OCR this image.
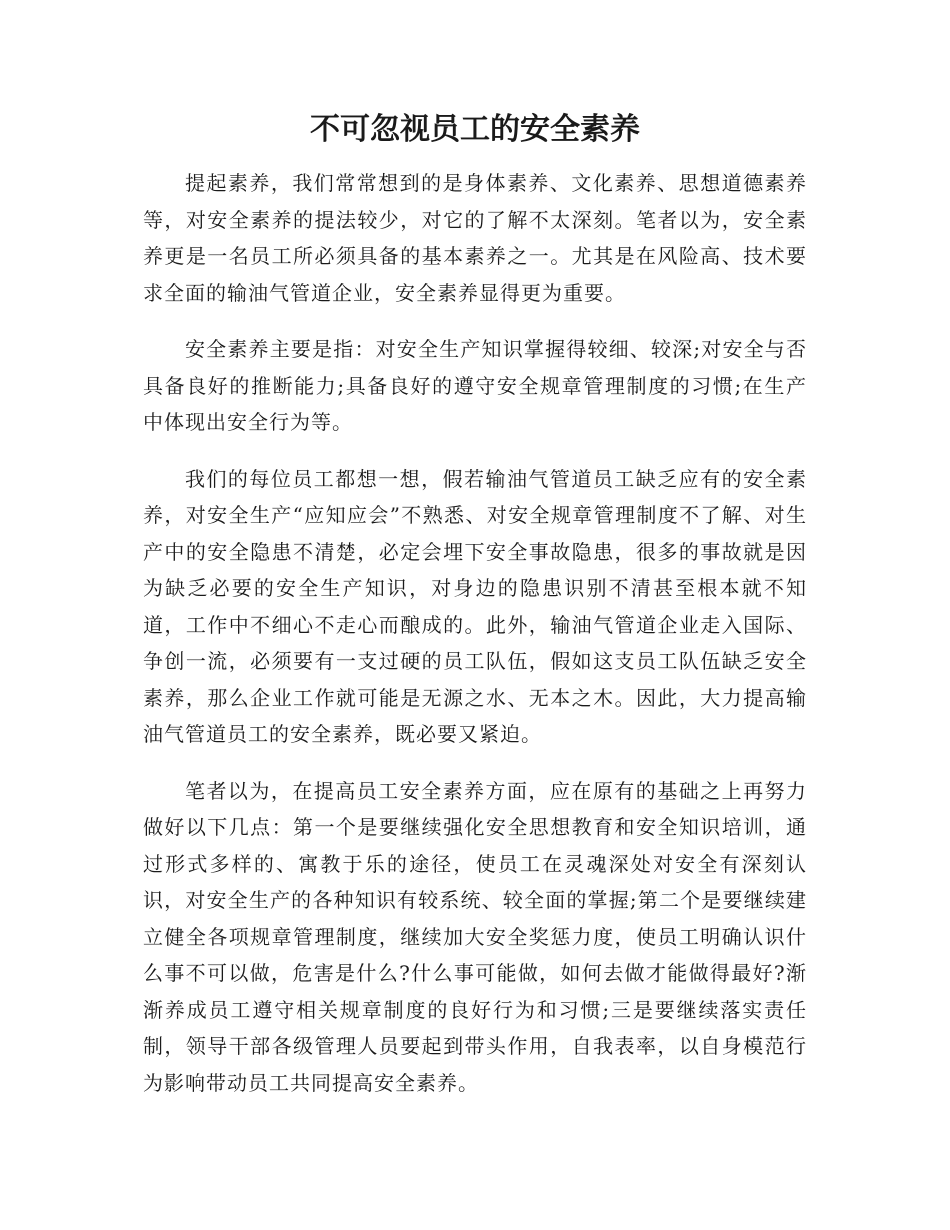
不可忽视员工的安全素养

提起素养，我们常常想到的是身体素养、文化素养、思想道德素养等，对安全素养的提法较少，对它的了解不太深刻。笔者以为，安全素养更是一名员工所必须具备的基本素养之一。尤其是在风险高、技术要求全面的输油气管道企业，安全素养显得更为重要。

安全素养主要是指：对安全生产知识掌握得较细、较深;对安全与否具备良好的推断能力;具备良好的遵守安全规章管理制度的习惯;在生产中体现出安全行为等。

我们的每位员工都想一想，假若输油气管道员工缺乏应有的安全素养，对安全生产“应知应会”不熟悉、对安全规章管理制度不了解、对生产中的安全隐患不清楚，必定会埋下安全事故隐患，很多的事故就是因为缺乏必要的安全生产知识，对身边的隐患识别不清甚至根本就不知道，工作中不细心不走心而酿成的。此外，输油气管道企业走入国际、争创一流，必须要有一支过硬的员工队伍，假如这支员工队伍缺乏安全素养，那么企业工作就可能是无源之水、无本之木。因此，大力提高输油气管道员工的安全素养，既必要又紧迫。

笔者以为，在提高员工安全素养方面，应在原有的基础之上再努力做好以下几点：第一个是要继续强化安全思想教育和安全知识培训，通过形式多样的、寓教于乐的途径，使员工在灵魂深处对安全有深刻认识，对安全生产的各种知识有较系统、较全面的掌握;第二个是要继续建立健全各项规章管理制度，继续加大安全奖惩力度，使员工明确认识什么事不可以做，危害是什么?什么事可能做，如何去做才能做得最好?渐渐养成员工遵守相关规章制度的良好行为和习惯;三是要继续落实责任制，领导干部各级管理人员要起到带头作用，自我表率，以自身模范行为影响带动员工共同提高安全素养。
